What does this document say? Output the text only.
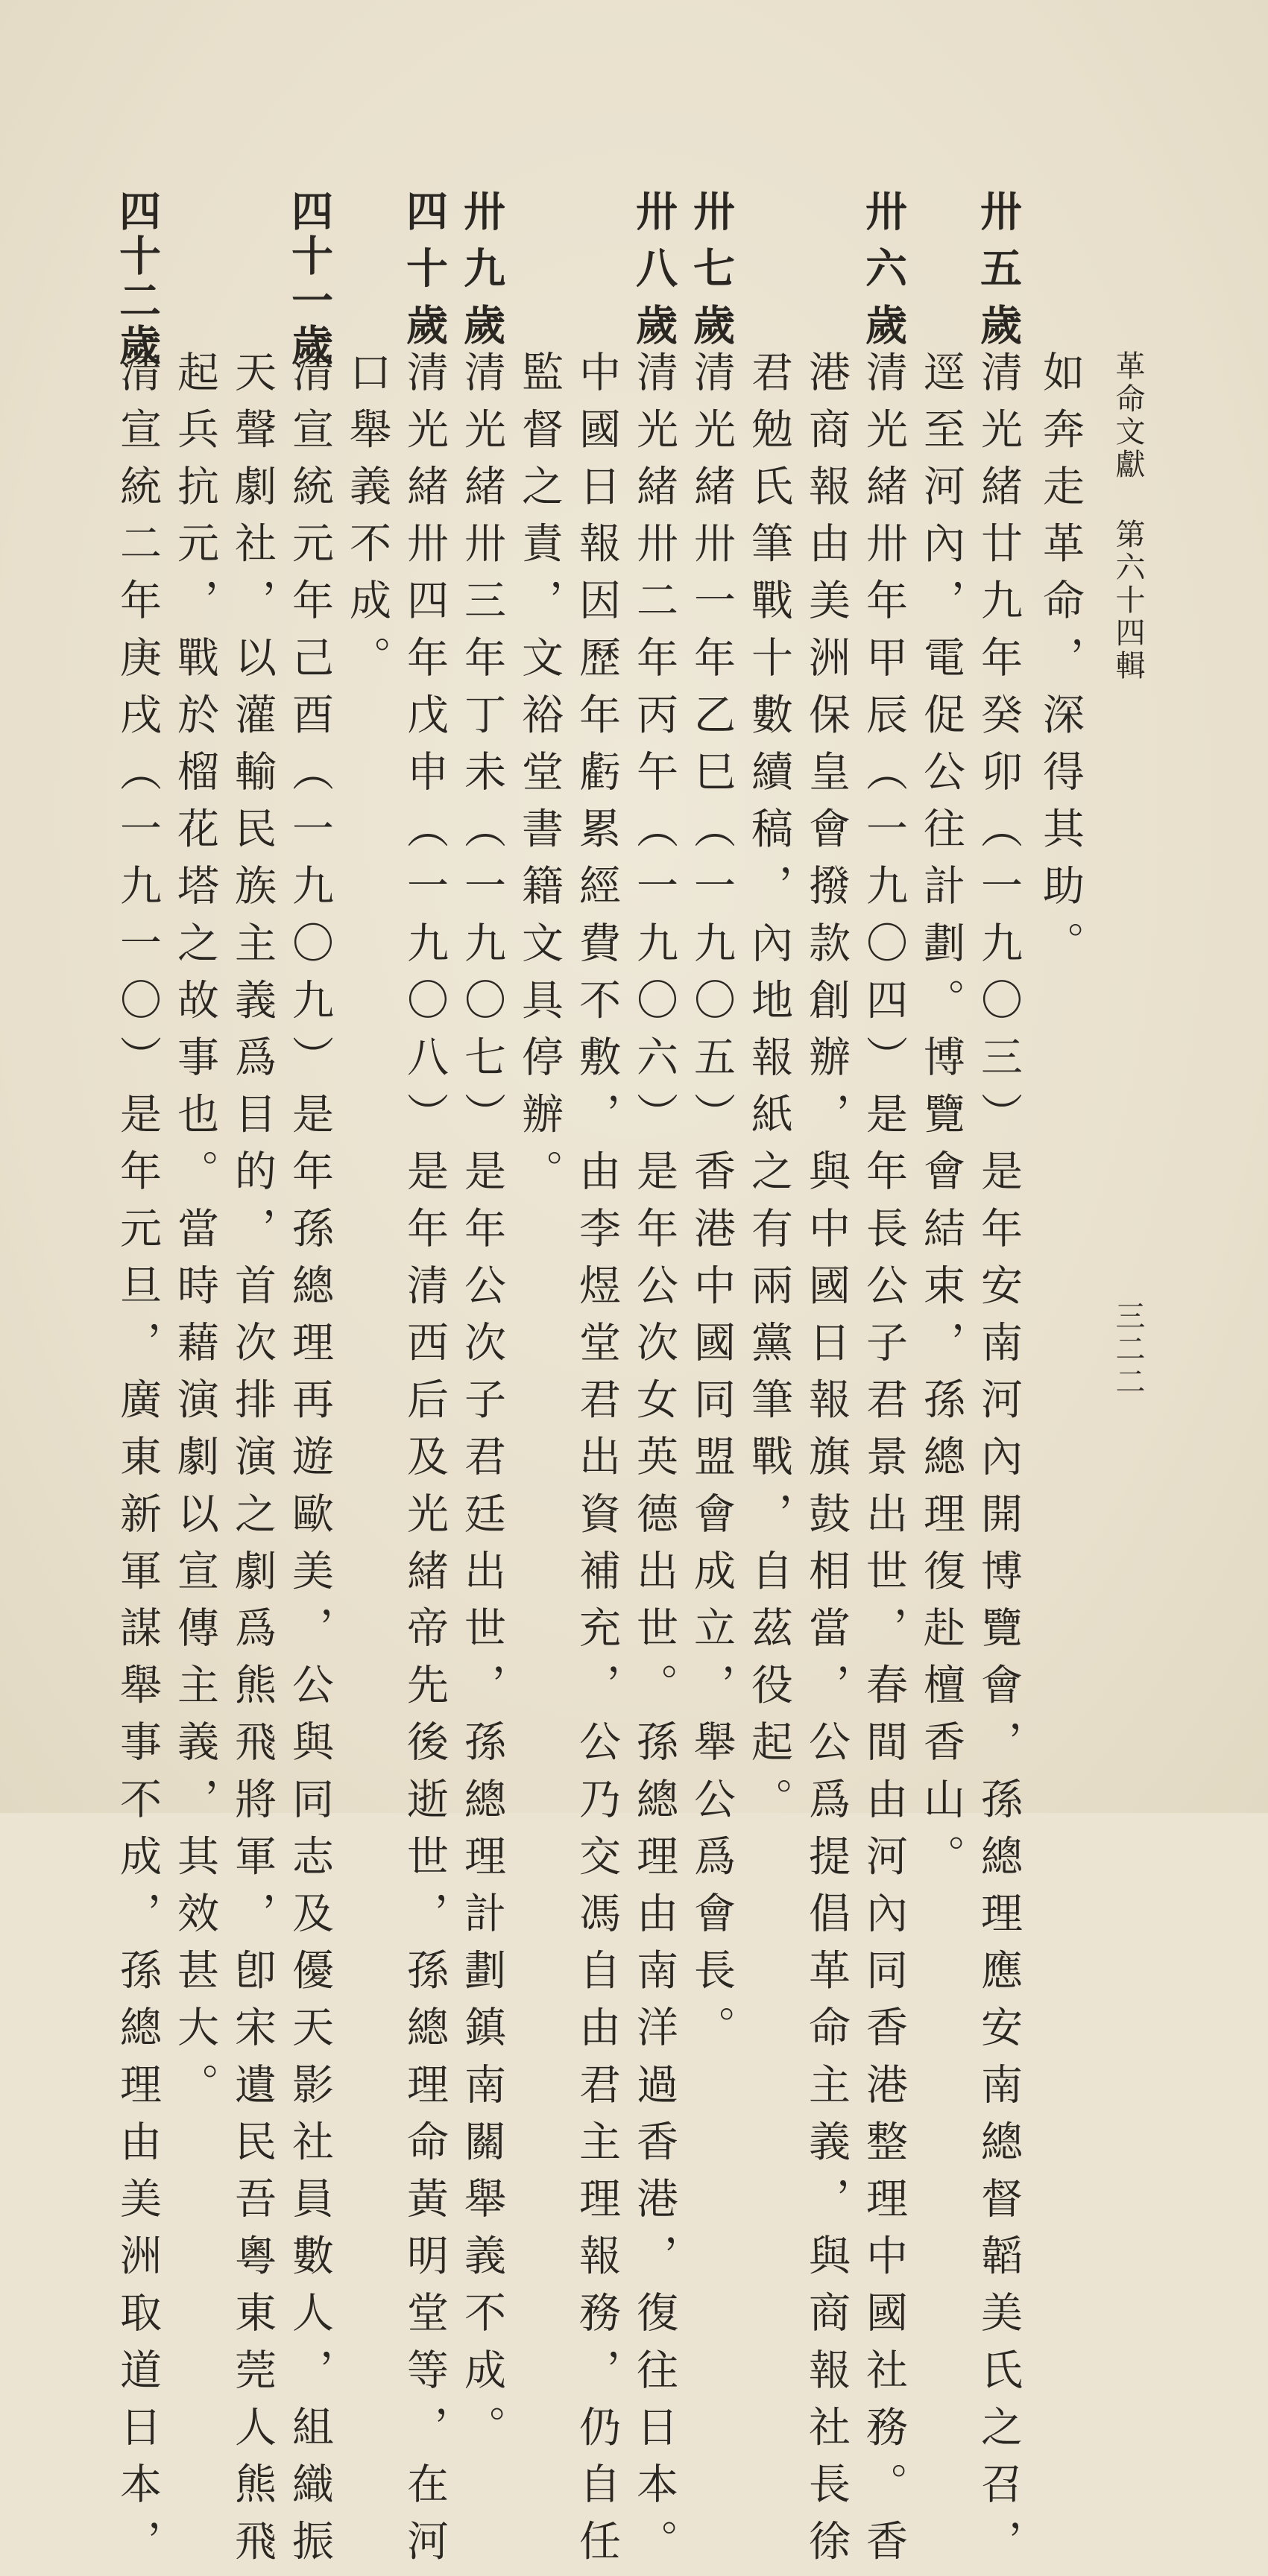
革命文獻 第六十四輯
三二二
如奔走革命，深得其助。
卅五歲
清光緒廿九年癸卯（一九〇三）是年安南河內開博覽會，孫總理應安南總督韜美氏之召，
逕至河內，電促公往計劃。博覽會結束，孫總理復赴檀香山。
卅六歲
清光緒卅年甲辰（一九〇四）是年長公子君景出世，春間由河內同香港整理中國社務。香
港商報由美洲保皇會撥款創辦，與中國日報旗鼓相當，公爲提倡革命主義，與商報社長徐
君勉氏筆戰十數續稿，內地報紙之有兩黨筆戰，自茲役起。
卅七歲
清光緒卅一年乙巳（一九〇五）香港中國同盟會成立，舉公爲會長。
卅八歲
清光緒卅二年丙午（一九〇六）是年公次女英德出世。孫總理由南洋過香港，復往日本。
中國日報因歷年虧累經費不敷，由李煜堂君出資補充，公乃交馮自由君主理報務，仍自任
監督之責，文裕堂書籍文具停辦。
卅九歲
清光緒卅三年丁未（一九〇七）是年公次子君廷出世，孫總理計劃鎮南關舉義不成。
四十歲
清光緒卅四年戊申（一九〇八）是年清西后及光緒帝先後逝世，孫總理命黃明堂等，在河
口舉義不成。
四十一歲
清宣統元年己酉（一九〇九）是年孫總理再遊歐美，公與同志及優天影社員數人，組織振
天聲劇社，以灌輸民族主義爲目的，首次排演之劇爲熊飛將軍，卽宋遺民吾粵東莞人熊飛
起兵抗元，戰於榴花塔之故事也。當時藉演劇以宣傳主義，其效甚大。
四十二歲
清宣統二年庚戌（一九一〇）是年元旦，廣東新軍謀舉事不成，孫總理由美洲取道日本，
